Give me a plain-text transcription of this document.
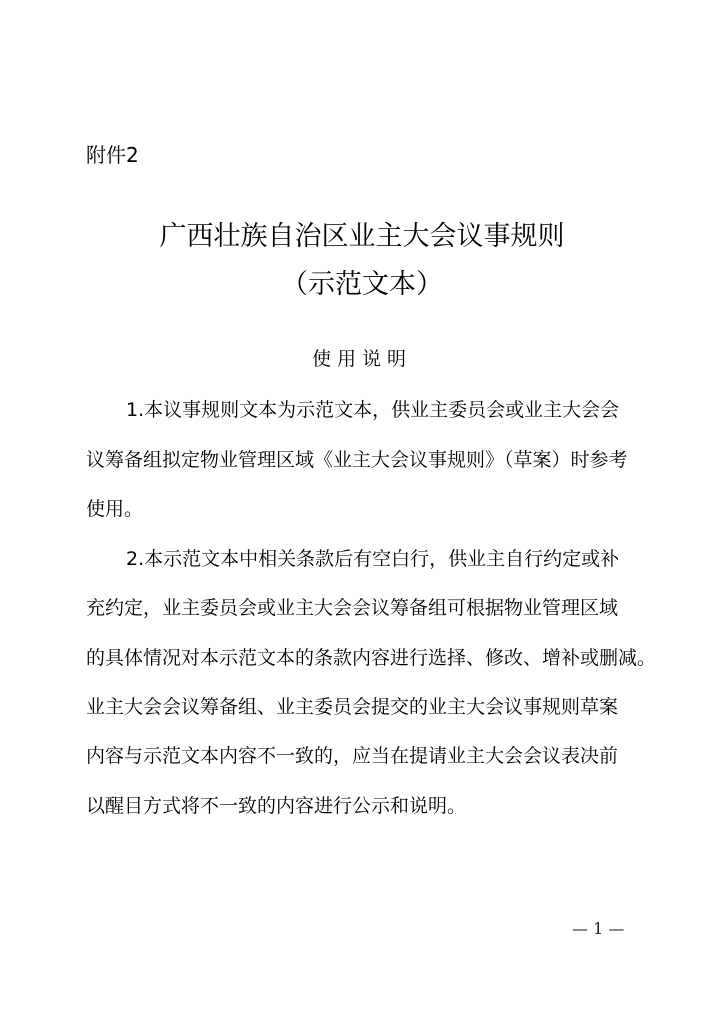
附件2
广西壮族自治区业主大会议事规则
（示范文本）
使用说明
1.本议事规则文本为示范文本，供业主委员会或业主大会会
议筹备组拟定物业管理区域《业主大会议事规则》（草案）时参考
使用。
2.本示范文本中相关条款后有空白行，供业主自行约定或补
充约定，业主委员会或业主大会会议筹备组可根据物业管理区域
的具体情况对本示范文本的条款内容进行选择、修改、增补或删减。
业主大会会议筹备组、业主委员会提交的业主大会议事规则草案
内容与示范文本内容不一致的，应当在提请业主大会会议表决前
以醒目方式将不一致的内容进行公示和说明。
— 1 —
